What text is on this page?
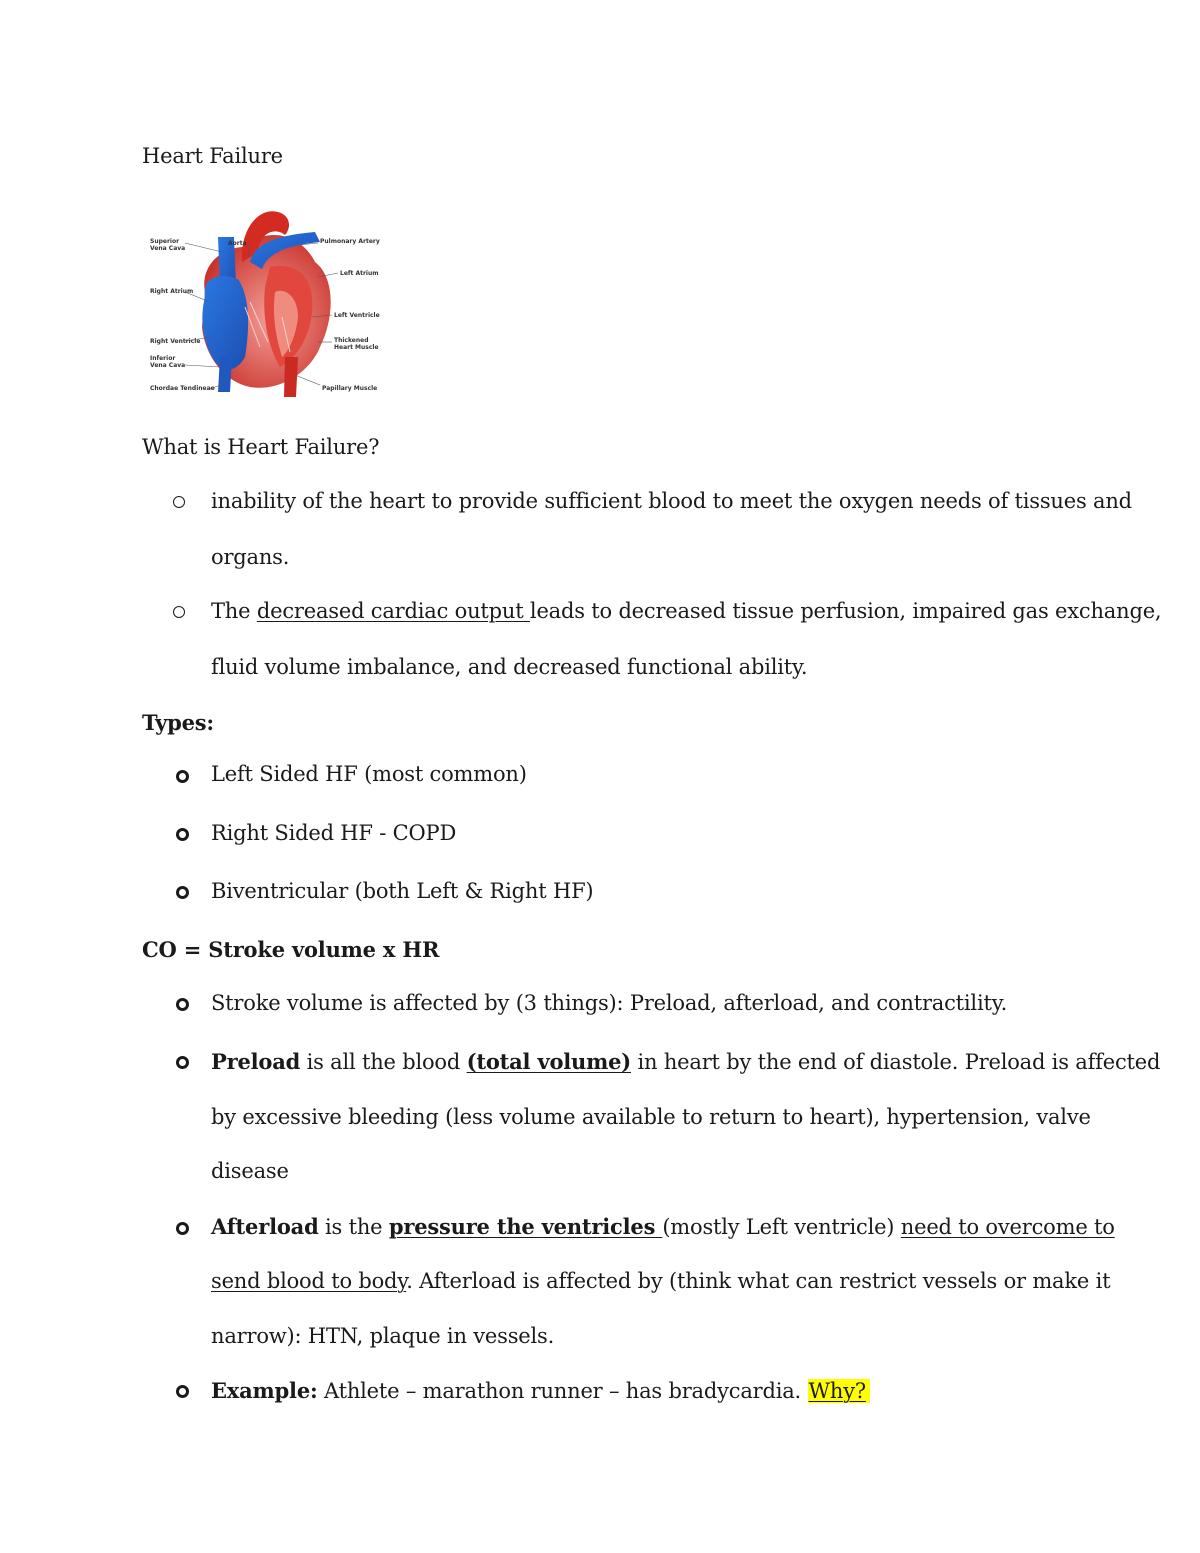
Heart Failure
Superior
Vena Cava
Aorta	Pulmonary Artery
Left Atrium
Right Atrium
Left Ventricle
Thickened
Heart Muscle
Right Ventricle
Inferior
Vena Cava
Chordae Tendineae	Papillary Muscle
What is Heart Failure?
inability of the heart to provide sufficient blood to meet the oxygen needs of tissues and
organs.
The decreased cardiac output leads to decreased tissue perfusion, impaired gas exchange,
fluid volume imbalance, and decreased functional ability.
Types:
Left Sided HF (most common)
Right Sided HF - COPD
Biventricular (both Left & Right HF)
CO = Stroke volume x HR
Stroke volume is affected by (3 things): Preload, afterload, and contractility.
Preload is all the blood (total volume) in heart by the end of diastole. Preload is affected
by excessive bleeding (less volume available to return to heart), hypertension, valve
disease
Afterload is the pressure the ventricles (mostly Left ventricle) need to overcome to
send blood to body. Afterload is affected by (think what can restrict vessels or make it
narrow): HTN, plaque in vessels.
Example: Athlete – marathon runner – has bradycardia. Why?
